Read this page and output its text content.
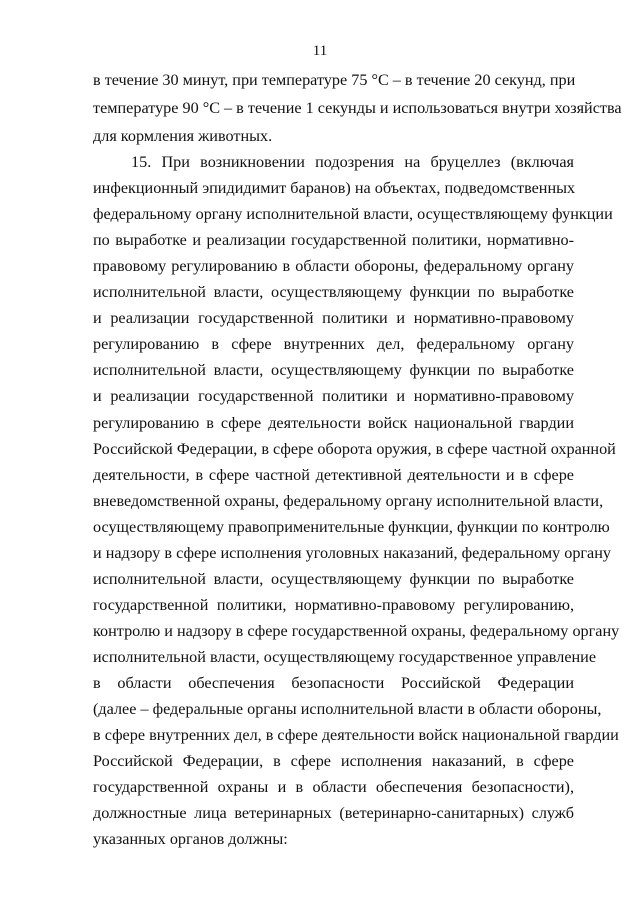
11
в течение 30 минут, при температуре 75 °С – в течение 20 секунд, при
температуре 90 °С – в течение 1 секунды и использоваться внутри хозяйства
для кормления животных.
15. При возникновении подозрения на бруцеллез (включая
инфекционный эпидидимит баранов) на объектах, подведомственных
федеральному органу исполнительной власти, осуществляющему функции
по выработке и реализации государственной политики, нормативно-
правовому регулированию в области обороны, федеральному органу
исполнительной власти, осуществляющему функции по выработке
и реализации государственной политики и нормативно-правовому
регулированию в сфере внутренних дел, федеральному органу
исполнительной власти, осуществляющему функции по выработке
и реализации государственной политики и нормативно-правовому
регулированию в сфере деятельности войск национальной гвардии
Российской Федерации, в сфере оборота оружия, в сфере частной охранной
деятельности, в сфере частной детективной деятельности и в сфере
вневедомственной охраны, федеральному органу исполнительной власти,
осуществляющему правоприменительные функции, функции по контролю
и надзору в сфере исполнения уголовных наказаний, федеральному органу
исполнительной власти, осуществляющему функции по выработке
государственной политики, нормативно-правовому регулированию,
контролю и надзору в сфере государственной охраны, федеральному органу
исполнительной власти, осуществляющему государственное управление
в области обеспечения безопасности Российской Федерации
(далее – федеральные органы исполнительной власти в области обороны,
в сфере внутренних дел, в сфере деятельности войск национальной гвардии
Российской Федерации, в сфере исполнения наказаний, в сфере
государственной охраны и в области обеспечения безопасности),
должностные лица ветеринарных (ветеринарно-санитарных) служб
указанных органов должны:
